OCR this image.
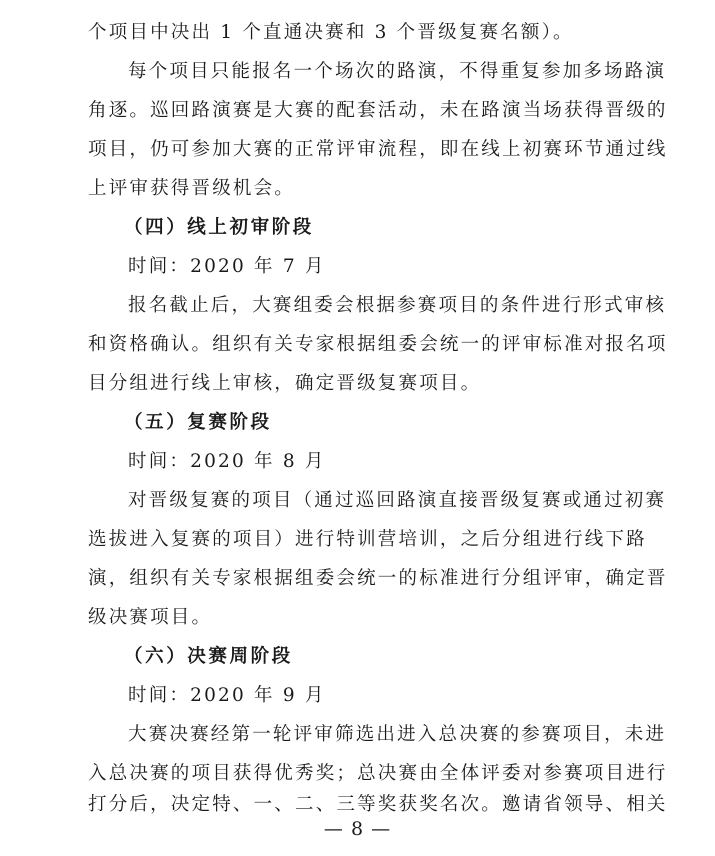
个项目中决出 1 个直通决赛和 3 个晋级复赛名额）。
每个项目只能报名一个场次的路演，不得重复参加多场路演
角逐。巡回路演赛是大赛的配套活动，未在路演当场获得晋级的
项目，仍可参加大赛的正常评审流程，即在线上初赛环节通过线
上评审获得晋级机会。
（四）线上初审阶段
时间：2020 年 7 月
报名截止后，大赛组委会根据参赛项目的条件进行形式审核
和资格确认。组织有关专家根据组委会统一的评审标准对报名项
目分组进行线上审核，确定晋级复赛项目。
（五）复赛阶段
时间：2020 年 8 月
对晋级复赛的项目（通过巡回路演直接晋级复赛或通过初赛
选拔进入复赛的项目）进行特训营培训，之后分组进行线下路
演，组织有关专家根据组委会统一的标准进行分组评审，确定晋
级决赛项目。
（六）决赛周阶段
时间：2020 年 9 月
大赛决赛经第一轮评审筛选出进入总决赛的参赛项目，未进
入总决赛的项目获得优秀奖；总决赛由全体评委对参赛项目进行
打分后，决定特、一、二、三等奖获奖名次。邀请省领导、相关
— 8 —
